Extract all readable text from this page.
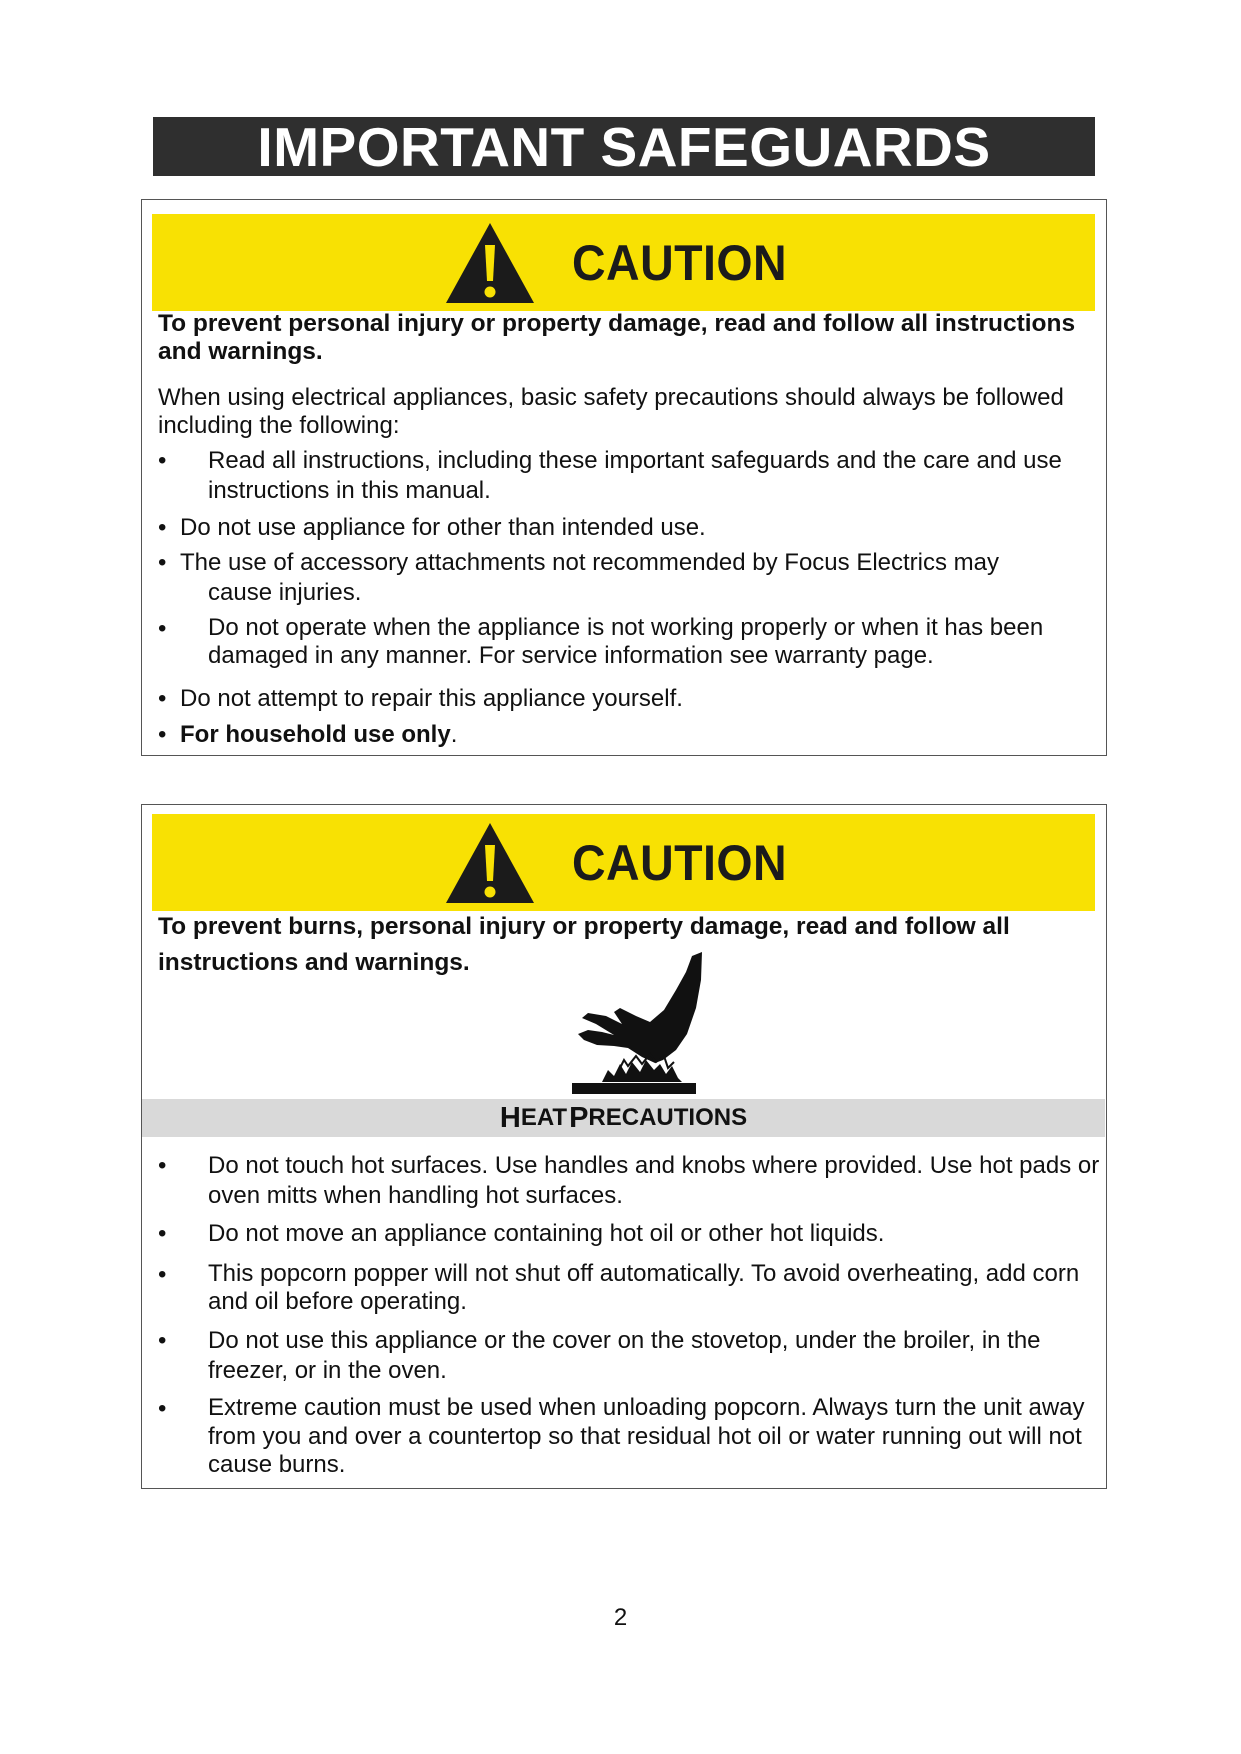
IMPORTANT SAFEGUARDS
CAUTION
To prevent personal injury or property damage, read and follow all instructions and warnings.
When using electrical appliances, basic safety precautions should always be followed including the following:
• Read all instructions, including these important safeguards and the care and use instructions in this manual.
• Do not use appliance for other than intended use.
• The use of accessory attachments not recommended by Focus Electrics may
cause injuries.
• Do not operate when the appliance is not working properly or when it has been damaged in any manner. For service information see warranty page.
• Do not attempt to repair this appliance yourself.
• For household use only.
CAUTION
To prevent burns, personal injury or property damage, read and follow all
instructions and warnings.
H EAT P RECAUTIONS
• Do not touch hot surfaces. Use handles and knobs where provided. Use hot pads or oven mitts when handling hot surfaces.
• Do not move an appliance containing hot oil or other hot liquids.
• This popcorn popper will not shut off automatically. To avoid overheating, add corn and oil before operating.
• Do not use this appliance or the cover on the stovetop, under the broiler, in the freezer, or in the oven.
• Extreme caution must be used when unloading popcorn. Always turn the unit away from you and over a countertop so that residual hot oil or water running out will not cause burns.
2
